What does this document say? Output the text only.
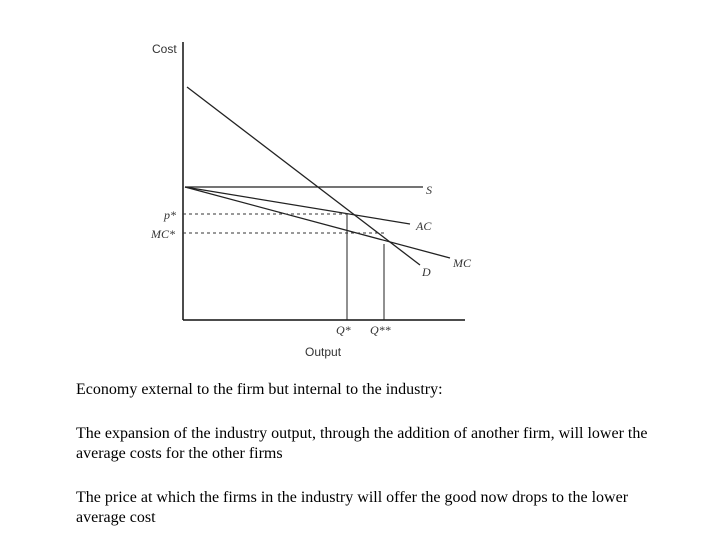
Cost
Output
p*
MC*
S
AC
D
MC
Q* Q**
Economy external to the firm but internal to the industry:
The expansion of the industry output, through the addition of another firm, will lower the average costs for the other firms
The price at which the firms in the industry will offer the good now drops to the lower average cost
